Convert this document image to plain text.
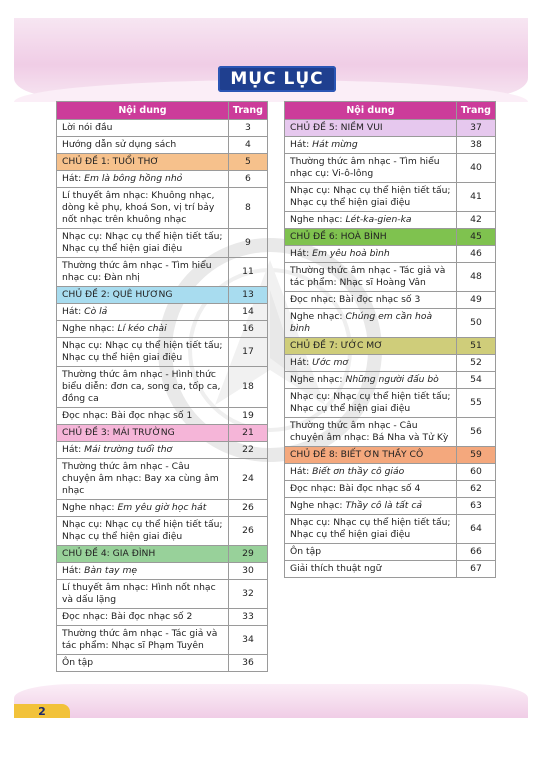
MỤC LỤC
Nội dung	Trang
Lời nói đầu	3
Hướng dẫn sử dụng sách	4
CHỦ ĐỀ 1: TUỔI THƠ	5
Hát: Em là bông hồng nhỏ	6
Lí thuyết âm nhạc: Khuông nhạc, dòng kẻ phụ, khoá Son, vị trí bảy nốt nhạc trên khuông nhạc	8
Nhạc cụ: Nhạc cụ thể hiện tiết tấu; Nhạc cụ thể hiện giai điệu	9
Thường thức âm nhạc - Tìm hiểu nhạc cụ: Đàn nhị	11
CHỦ ĐỀ 2: QUÊ HƯƠNG	13
Hát: Cò lả	14
Nghe nhạc: Lí kéo chài	16
Nhạc cụ: Nhạc cụ thể hiện tiết tấu; Nhạc cụ thể hiện giai điệu	17
Thường thức âm nhạc - Hình thức biểu diễn: đơn ca, song ca, tốp ca, đồng ca	18
Đọc nhạc: Bài đọc nhạc số 1	19
CHỦ ĐỀ 3: MÁI TRƯỜNG	21
Hát: Mái trường tuổi thơ	22
Thường thức âm nhạc - Câu chuyện âm nhạc: Bay xa cùng âm nhạc	24
Nghe nhạc: Em yêu giờ học hát	26
Nhạc cụ: Nhạc cụ thể hiện tiết tấu; Nhạc cụ thể hiện giai điệu	26
CHỦ ĐỀ 4: GIA ĐÌNH	29
Hát: Bàn tay mẹ	30
Lí thuyết âm nhạc: Hình nốt nhạc và dấu lặng	32
Đọc nhạc: Bài đọc nhạc số 2	33
Thường thức âm nhạc - Tác giả và tác phẩm: Nhạc sĩ Phạm Tuyên	34
Ôn tập	36
Nội dung	Trang
CHỦ ĐỀ 5: NIỀM VUI	37
Hát: Hát mừng	38
Thường thức âm nhạc - Tìm hiểu nhạc cụ: Vi-ô-lông	40
Nhạc cụ: Nhạc cụ thể hiện tiết tấu; Nhạc cụ thể hiện giai điệu	41
Nghe nhạc: Lét-ka-gien-ka	42
CHỦ ĐỀ 6: HOÀ BÌNH	45
Hát: Em yêu hoà bình	46
Thường thức âm nhạc - Tác giả và tác phẩm: Nhạc sĩ Hoàng Vân	48
Đọc nhạc: Bài đọc nhạc số 3	49
Nghe nhạc: Chúng em cần hoà bình	50
CHỦ ĐỀ 7: ƯỚC MƠ	51
Hát: Ước mơ	52
Nghe nhạc: Những người đấu bò	54
Nhạc cụ: Nhạc cụ thể hiện tiết tấu; Nhạc cụ thể hiện giai điệu	55
Thường thức âm nhạc - Câu chuyện âm nhạc: Bá Nha và Tử Kỳ	56
CHỦ ĐỀ 8: BIẾT ƠN THẦY CÔ	59
Hát: Biết ơn thầy cô giáo	60
Đọc nhạc: Bài đọc nhạc số 4	62
Nghe nhạc: Thầy cô là tất cả	63
Nhạc cụ: Nhạc cụ thể hiện tiết tấu; Nhạc cụ thể hiện giai điệu	64
Ôn tập	66
Giải thích thuật ngữ	67
2
